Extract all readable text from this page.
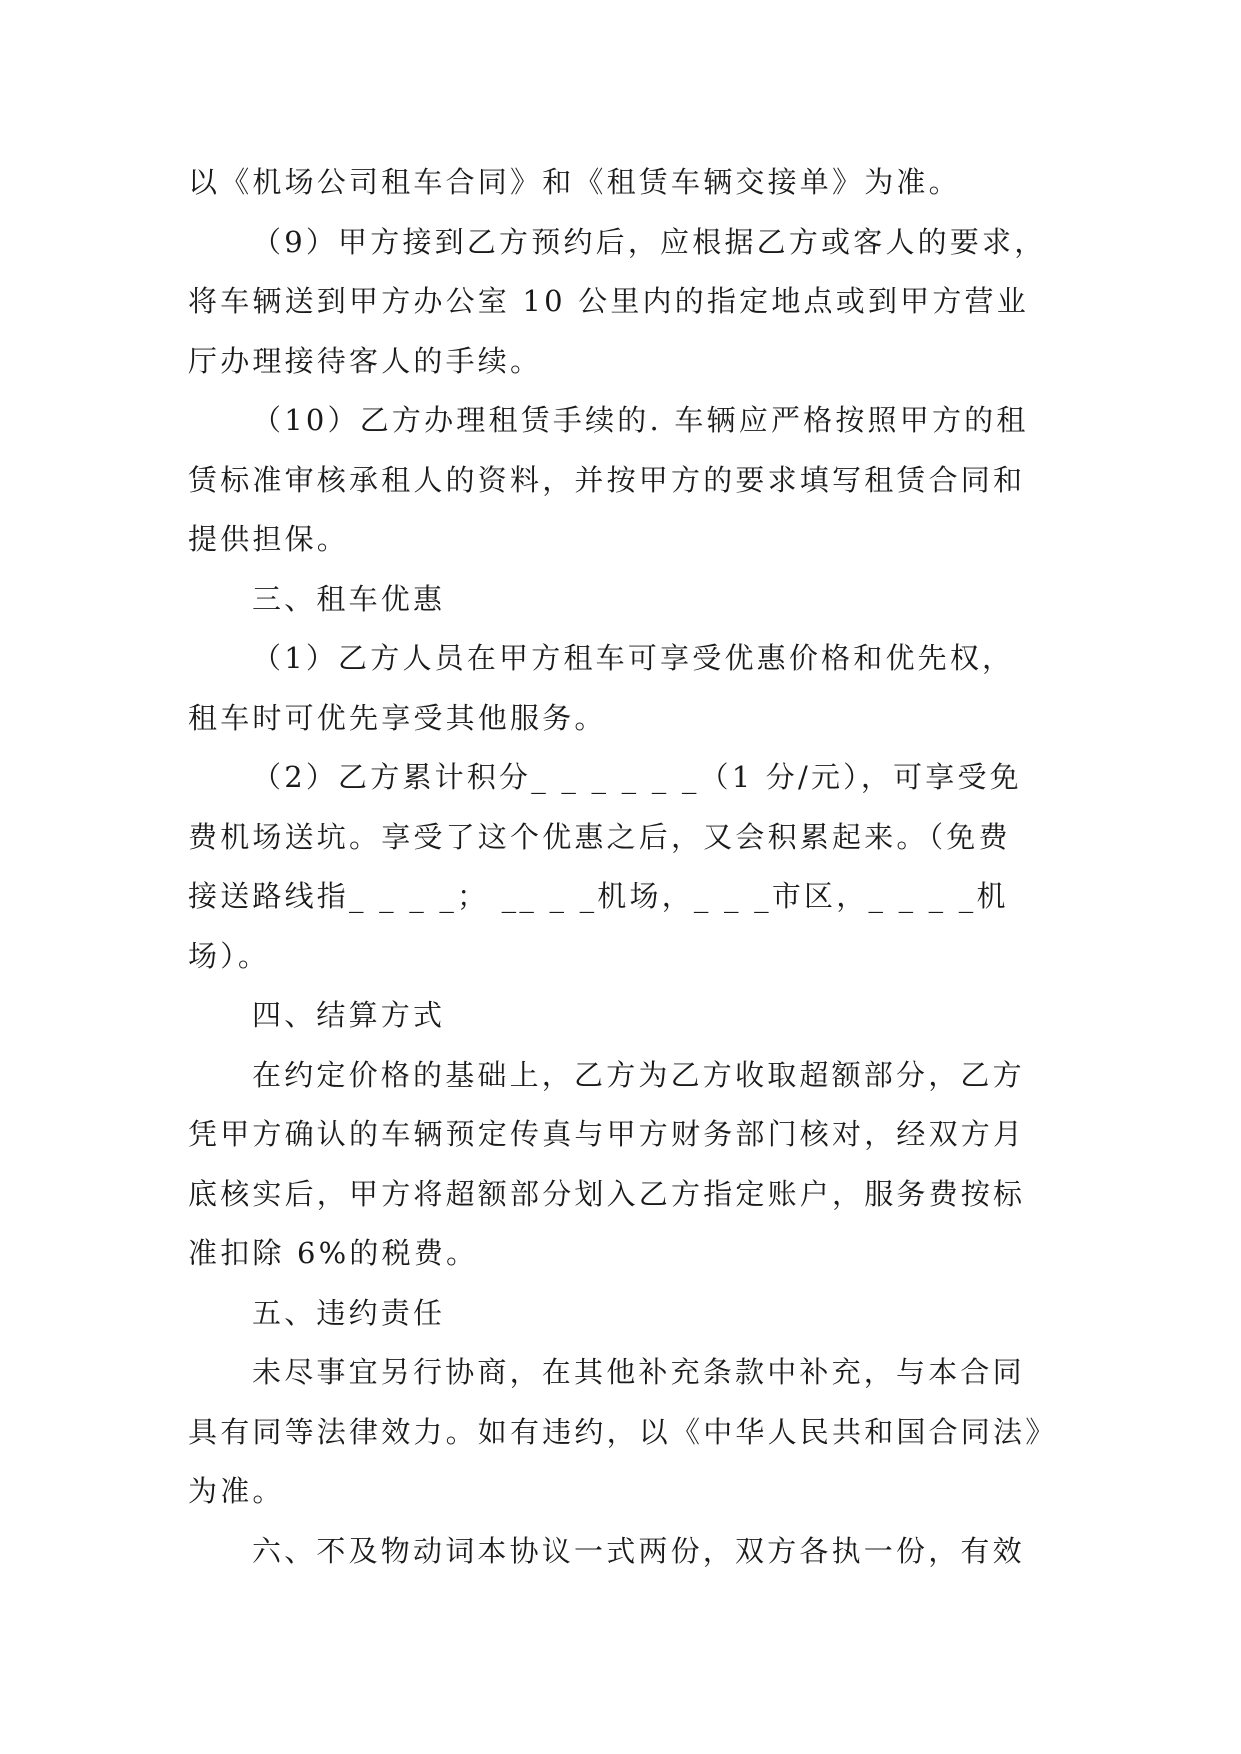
以《机场公司租车合同》和《租赁车辆交接单》为准。
（9）甲方接到乙方预约后，应根据乙方或客人的要求，
将车辆送到甲方办公室 10 公里内的指定地点或到甲方营业
厅办理接待客人的手续。
（10）乙方办理租赁手续的. 车辆应严格按照甲方的租
赁标准审核承租人的资料，并按甲方的要求填写租赁合同和
提供担保。
三、租车优惠
（1）乙方人员在甲方租车可享受优惠价格和优先权，
租车时可优先享受其他服务。
（2）乙方累计积分_ _ _ _ _ _（1 分/元），可享受免
费机场送坑。享受了这个优惠之后，又会积累起来。（免费
接送路线指_ _ _ _； __ _ _机场，_ _ _市区，_ _ _ _机
场）。
四、结算方式
在约定价格的基础上，乙方为乙方收取超额部分，乙方
凭甲方确认的车辆预定传真与甲方财务部门核对，经双方月
底核实后，甲方将超额部分划入乙方指定账户，服务费按标
准扣除 6%的税费。
五、违约责任
未尽事宜另行协商，在其他补充条款中补充，与本合同
具有同等法律效力。如有违约，以《中华人民共和国合同法》
为准。
六、不及物动词本协议一式两份，双方各执一份，有效
